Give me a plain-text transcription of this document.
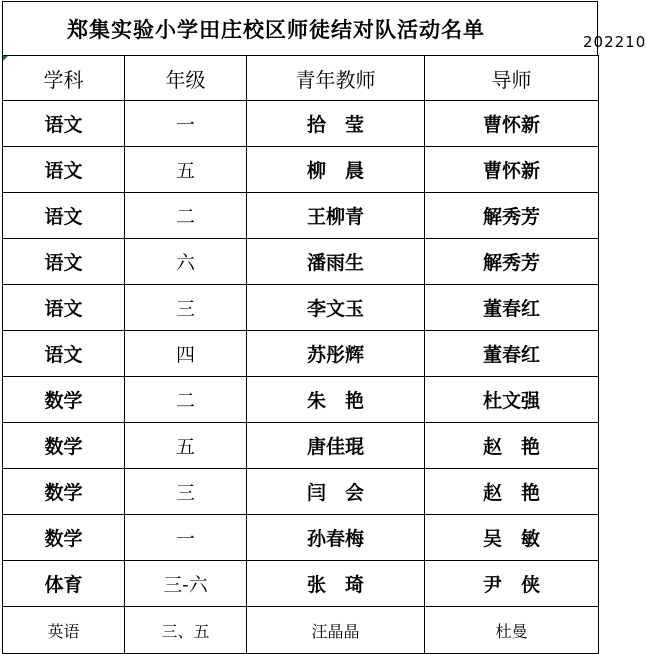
郑集实验小学田庄校区师徒结对队活动名单	202210
学科	年级	青年教师	导师
语文	一	拾　莹	曹怀新
语文	五	柳　晨	曹怀新
语文	二	王柳青	解秀芳
语文	六	潘雨生	解秀芳
语文	三	李文玉	董春红
语文	四	苏彤辉	董春红
数学	二	朱　艳	杜文强
数学	五	唐佳琨	赵　艳
数学	三	闫　会	赵　艳
数学	一	孙春梅	吴　敏
体育	三-六	张　琦	尹　侠
英语	三、五	汪晶晶	杜曼
